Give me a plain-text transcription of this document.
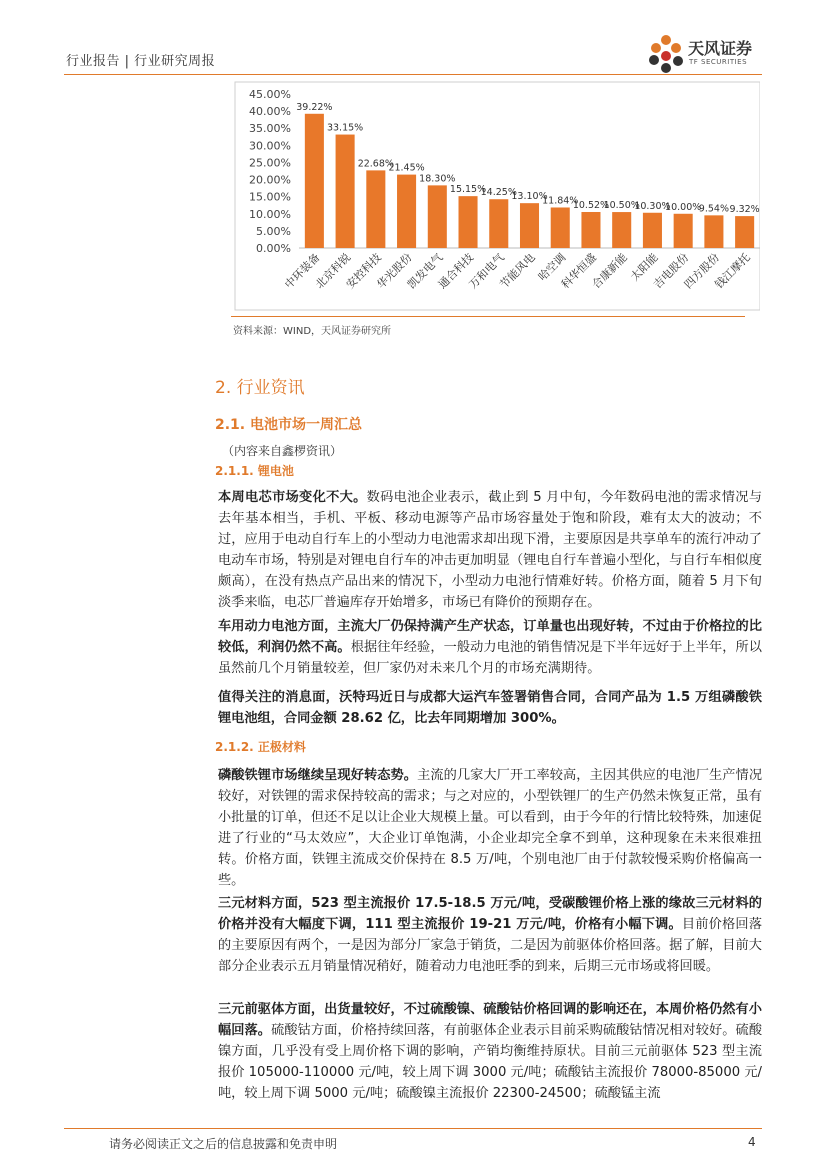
行业报告 | 行业研究周报
天风证券
TF SECURITIES
0.00%
5.00%
10.00%
15.00%
20.00%
25.00%
30.00%
35.00%
40.00%
45.00%
39.22%
中环装备
33.15%
北京科锐
22.68%
安控科技
21.45%
华光股份
18.30%
凯发电气
15.15%
通合科技
14.25%
万和电气
13.10%
节能风电
11.84%
哈空调
10.52%
科华恒盛
10.50%
合康新能
10.30%
太阳能
10.00%
吉电股份
9.54%
四方股份
9.32%
钱江摩托
资料来源：WIND，天风证券研究所
2. 行业资讯
2.1. 电池市场一周汇总
（内容来自鑫椤资讯）
2.1.1. 锂电池
本周电芯市场变化不大。数码电池企业表示，截止到 5 月中旬，今年数码电池的需求情况与去年基本相当，手机、平板、移动电源等产品市场容量处于饱和阶段，难有太大的波动；不过，应用于电动自行车上的小型动力电池需求却出现下滑，主要原因是共享单车的流行冲动了电动车市场，特别是对锂电自行车的冲击更加明显（锂电自行车普遍小型化，与自行车相似度颇高），在没有热点产品出来的情况下，小型动力电池行情难好转。价格方面，随着 5 月下旬淡季来临，电芯厂普遍库存开始增多，市场已有降价的预期存在。
车用动力电池方面，主流大厂仍保持满产生产状态，订单量也出现好转，不过由于价格拉的比较低，利润仍然不高。根据往年经验，一般动力电池的销售情况是下半年远好于上半年，所以虽然前几个月销量较差，但厂家仍对未来几个月的市场充满期待。
值得关注的消息面，沃特玛近日与成都大运汽车签署销售合同，合同产品为 1.5 万组磷酸铁锂电池组，合同金额 28.62 亿，比去年同期增加 300%。
2.1.2. 正极材料
磷酸铁锂市场继续呈现好转态势。主流的几家大厂开工率较高，主因其供应的电池厂生产情况较好，对铁锂的需求保持较高的需求；与之对应的，小型铁锂厂的生产仍然未恢复正常，虽有小批量的订单，但还不足以让企业大规模上量。可以看到，由于今年的行情比较特殊，加速促进了行业的“马太效应”，大企业订单饱满，小企业却完全拿不到单，这种现象在未来很难扭转。价格方面，铁锂主流成交价保持在 8.5 万/吨，个别电池厂由于付款较慢采购价格偏高一些。
三元材料方面，523 型主流报价 17.5-18.5 万元/吨，受碳酸锂价格上涨的缘故三元材料的价格并没有大幅度下调，111 型主流报价 19-21 万元/吨，价格有小幅下调。目前价格回落的主要原因有两个，一是因为部分厂家急于销货，二是因为前驱体价格回落。据了解，目前大部分企业表示五月销量情况稍好，随着动力电池旺季的到来，后期三元市场或将回暖。
三元前驱体方面，出货量较好，不过硫酸镍、硫酸钴价格回调的影响还在，本周价格仍然有小幅回落。硫酸钴方面，价格持续回落，有前驱体企业表示目前采购硫酸钴情况相对较好。硫酸镍方面，几乎没有受上周价格下调的影响，产销均衡维持原状。目前三元前驱体 523 型主流报价 105000-110000 元/吨，较上周下调 3000 元/吨；硫酸钴主流报价 78000-85000 元/吨，较上周下调 5000 元/吨；硫酸镍主流报价 22300-24500；硫酸锰主流
请务必阅读正文之后的信息披露和免责申明	4
